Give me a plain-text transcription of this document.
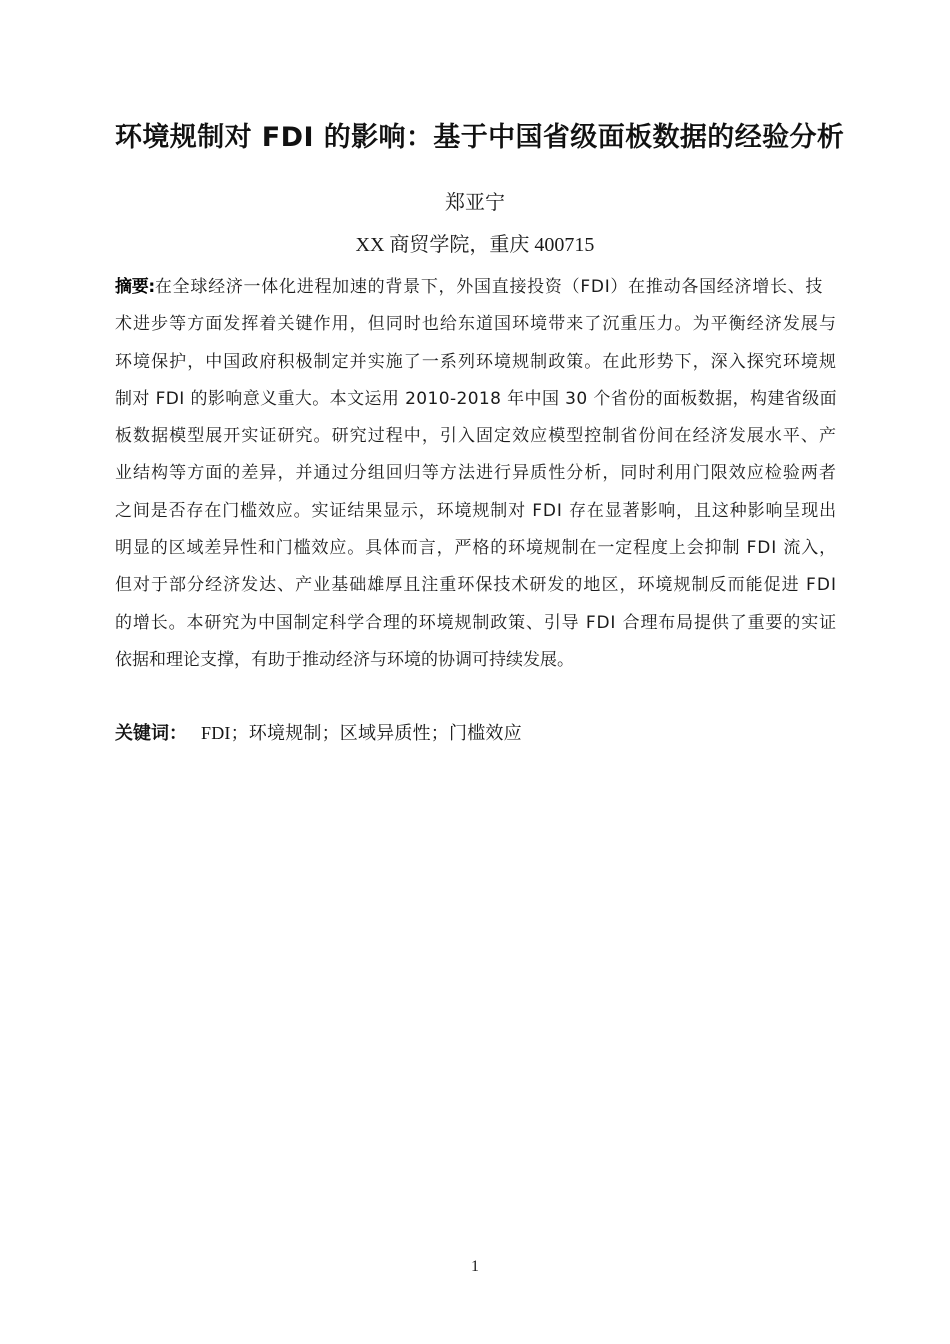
环境规制对 FDI 的影响：基于中国省级面板数据的经验分析
郑亚宁
XX 商贸学院，重庆 400715
摘要:在全球经济一体化进程加速的背景下，外国直接投资（FDI）在推动各国经济增长、技
术进步等方面发挥着关键作用，但同时也给东道国环境带来了沉重压力。为平衡经济发展与
环境保护，中国政府积极制定并实施了一系列环境规制政策。在此形势下，深入探究环境规
制对 FDI 的影响意义重大。本文运用 2010-2018 年中国 30 个省份的面板数据，构建省级面
板数据模型展开实证研究。研究过程中，引入固定效应模型控制省份间在经济发展水平、产
业结构等方面的差异，并通过分组回归等方法进行异质性分析，同时利用门限效应检验两者
之间是否存在门槛效应。实证结果显示，环境规制对 FDI 存在显著影响，且这种影响呈现出
明显的区域差异性和门槛效应。具体而言，严格的环境规制在一定程度上会抑制 FDI 流入，
但对于部分经济发达、产业基础雄厚且注重环保技术研发的地区，环境规制反而能促进 FDI
的增长。本研究为中国制定科学合理的环境规制政策、引导 FDI 合理布局提供了重要的实证
依据和理论支撑，有助于推动经济与环境的协调可持续发展。
关键词： FDI；环境规制；区域异质性；门槛效应
1
